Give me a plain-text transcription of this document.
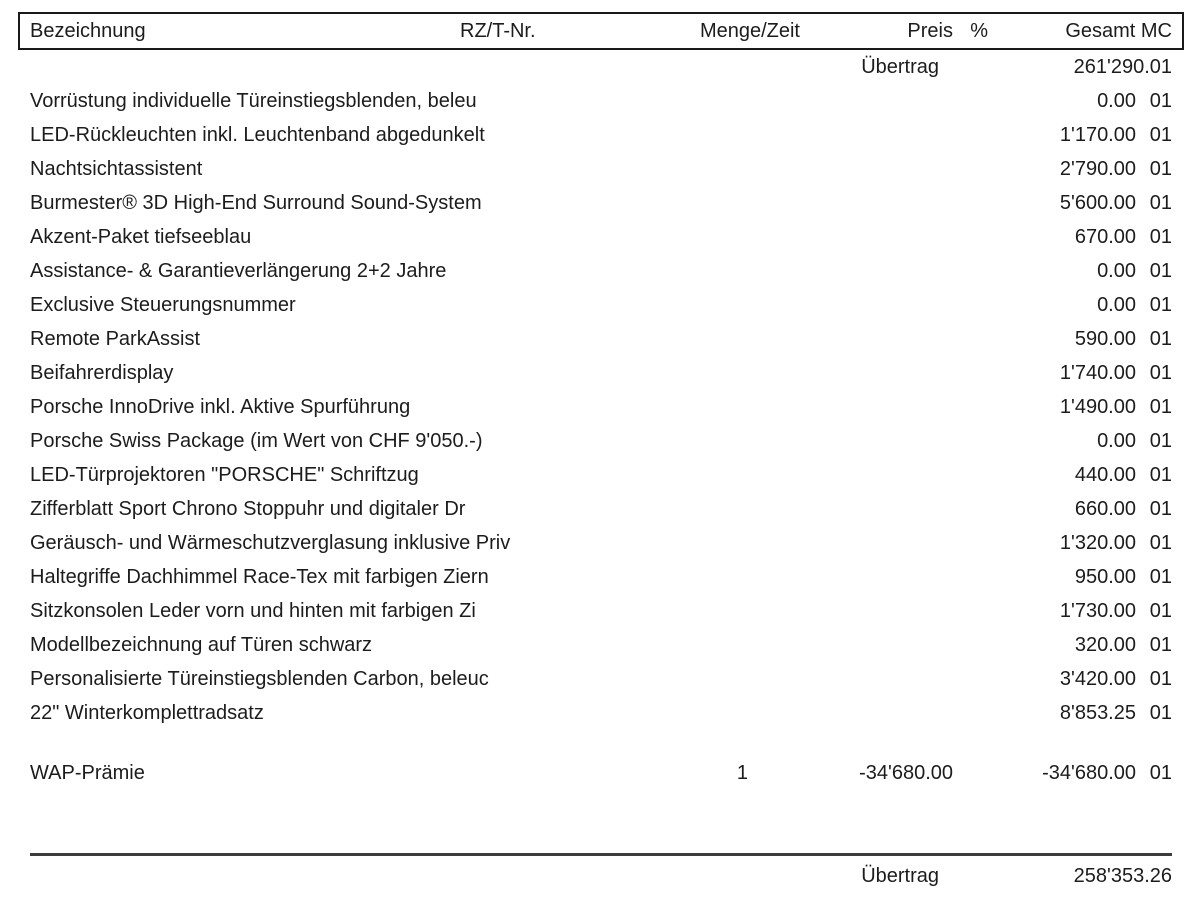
Bezeichnung	RZ/T-Nr.	Menge/Zeit	Preis %	Gesamt MC
Übertrag	261'290.01
Vorrüstung individuelle Türeinstiegsblenden, beleu	0.00 01
LED-Rückleuchten inkl. Leuchtenband abgedunkelt	1'170.00 01
Nachtsichtassistent	2'790.00 01
Burmester® 3D High-End Surround Sound-System	5'600.00 01
Akzent-Paket tiefseeblau	670.00 01
Assistance- & Garantieverlängerung 2+2 Jahre	0.00 01
Exclusive Steuerungsnummer	0.00 01
Remote ParkAssist	590.00 01
Beifahrerdisplay	1'740.00 01
Porsche InnoDrive inkl. Aktive Spurführung	1'490.00 01
Porsche Swiss Package (im Wert von CHF 9'050.-)	0.00 01
LED-Türprojektoren "PORSCHE" Schriftzug	440.00 01
Zifferblatt Sport Chrono Stoppuhr und digitaler Dr	660.00 01
Geräusch- und Wärmeschutzverglasung inklusive Priv	1'320.00 01
Haltegriffe Dachhimmel Race-Tex mit farbigen Ziern	950.00 01
Sitzkonsolen Leder vorn und hinten mit farbigen Zi	1'730.00 01
Modellbezeichnung auf Türen schwarz	320.00 01
Personalisierte Türeinstiegsblenden Carbon, beleuc	3'420.00 01
22" Winterkomplettradsatz	8'853.25 01
WAP-Prämie	1	-34'680.00	-34'680.00 01
Übertrag	258'353.26
